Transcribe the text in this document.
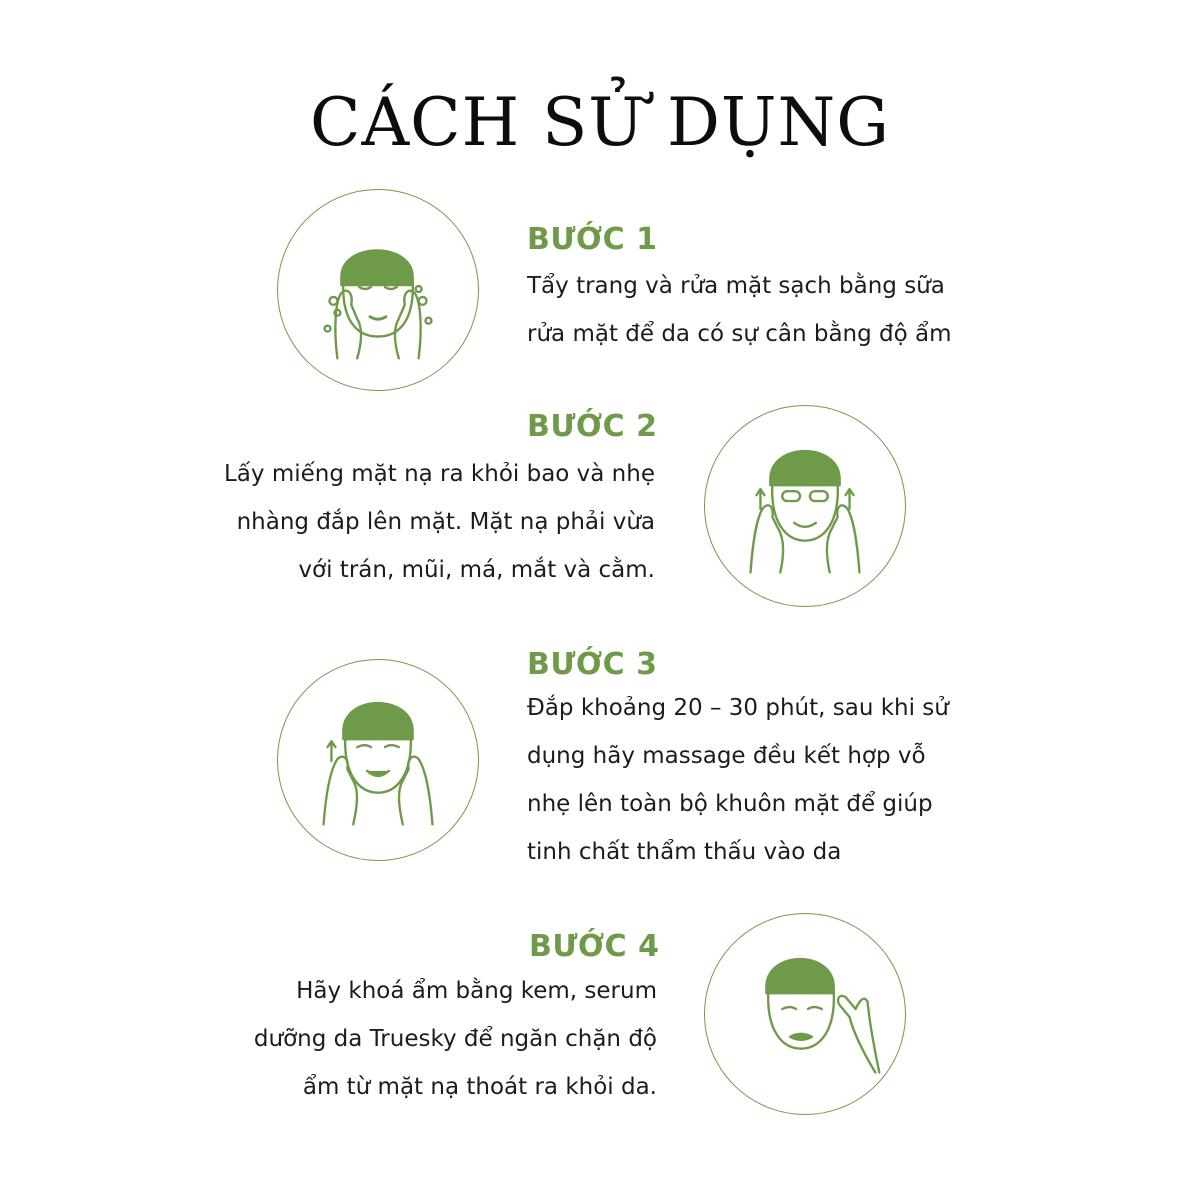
CÁCH SỬ DỤNG
BƯỚC 1
Tẩy trang và rửa mặt sạch bằng sữa
rửa mặt để da có sự cân bằng độ ẩm
BƯỚC 2
Lấy miếng mặt nạ ra khỏi bao và nhẹ
nhàng đắp lên mặt. Mặt nạ phải vừa
với trán, mũi, má, mắt và cằm.
BƯỚC 3
Đắp khoảng 20 – 30 phút, sau khi sử
dụng hãy massage đều kết hợp vỗ
nhẹ lên toàn bộ khuôn mặt để giúp
tinh chất thẩm thấu vào da
BƯỚC 4
Hãy khoá ẩm bằng kem, serum
dưỡng da Truesky để ngăn chặn độ
ẩm từ mặt nạ thoát ra khỏi da.
